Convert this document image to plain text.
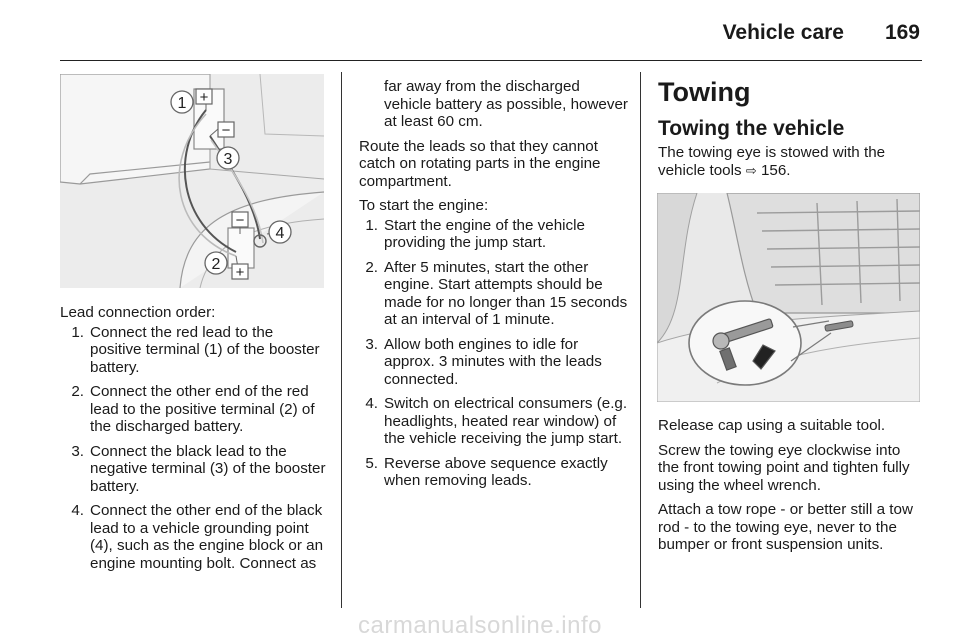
Vehicle care 169
1 +
−
3
−
4
2 +

Lead connection order:

1. Connect the red lead to the positive terminal (1) of the booster battery.
2. Connect the other end of the red lead to the positive terminal (2) of the discharged battery.
3. Connect the black lead to the negative terminal (3) of the booster battery.
4. Connect the other end of the black lead to a vehicle grounding point (4), such as the engine block or an engine mounting bolt. Connect as

far away from the discharged vehicle battery as possible, however at least 60 cm.

Route the leads so that they cannot catch on rotating parts in the engine compartment.

To start the engine:

1. Start the engine of the vehicle providing the jump start.
2. After 5 minutes, start the other engine. Start attempts should be made for no longer than 15 seconds at an interval of 1 minute.
3. Allow both engines to idle for approx. 3 minutes with the leads connected.
4. Switch on electrical consumers (e.g. headlights, heated rear window) of the vehicle receiving the jump start.
5. Reverse above sequence exactly when removing leads.
Towing
Towing the vehicle

The towing eye is stowed with the vehicle tools ⇨ 156.

Release cap using a suitable tool.

Screw the towing eye clockwise into the front towing point and tighten fully using the wheel wrench.

Attach a tow rope - or better still a tow rod - to the towing eye, never to the bumper or front suspension units.

carmanualsonline.info
